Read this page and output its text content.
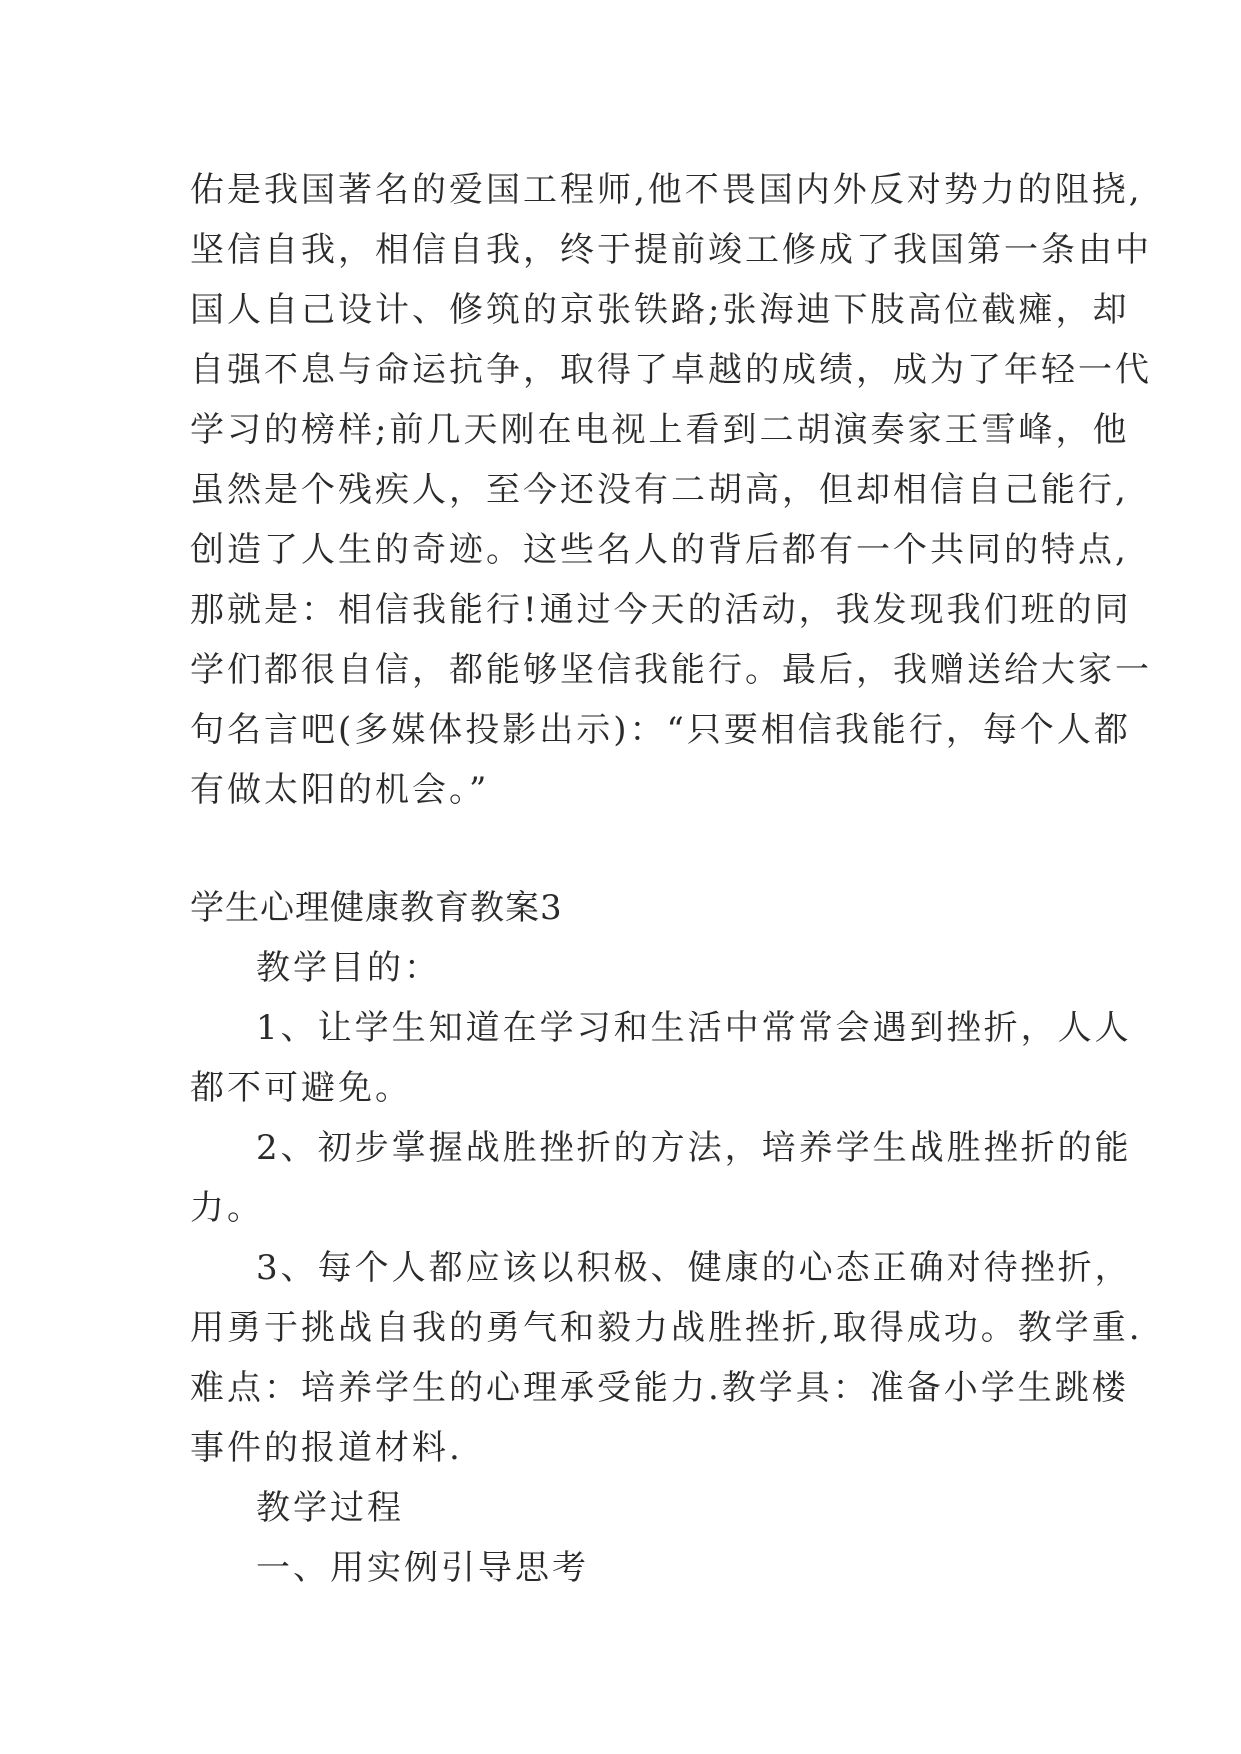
佑是我国著名的爱国工程师,他不畏国内外反对势力的阻挠,
坚信自我，相信自我，终于提前竣工修成了我国第一条由中
国人自己设计、修筑的京张铁路;张海迪下肢高位截瘫，却
自强不息与命运抗争，取得了卓越的成绩，成为了年轻一代
学习的榜样;前几天刚在电视上看到二胡演奏家王雪峰，他
虽然是个残疾人，至今还没有二胡高，但却相信自己能行,
创造了人生的奇迹。这些名人的背后都有一个共同的特点,
那就是：相信我能行!通过今天的活动，我发现我们班的同
学们都很自信，都能够坚信我能行。最后，我赠送给大家一
句名言吧(多媒体投影出示)：“只要相信我能行，每个人都
有做太阳的机会。”
学生心理健康教育教案3
教学目的：
1、让学生知道在学习和生活中常常会遇到挫折，人人
都不可避免。
2、初步掌握战胜挫折的方法，培养学生战胜挫折的能
力。
3、每个人都应该以积极、健康的心态正确对待挫折，
用勇于挑战自我的勇气和毅力战胜挫折,取得成功。教学重.
难点：培养学生的心理承受能力.教学具：准备小学生跳楼
事件的报道材料.
教学过程
一、用实例引导思考
